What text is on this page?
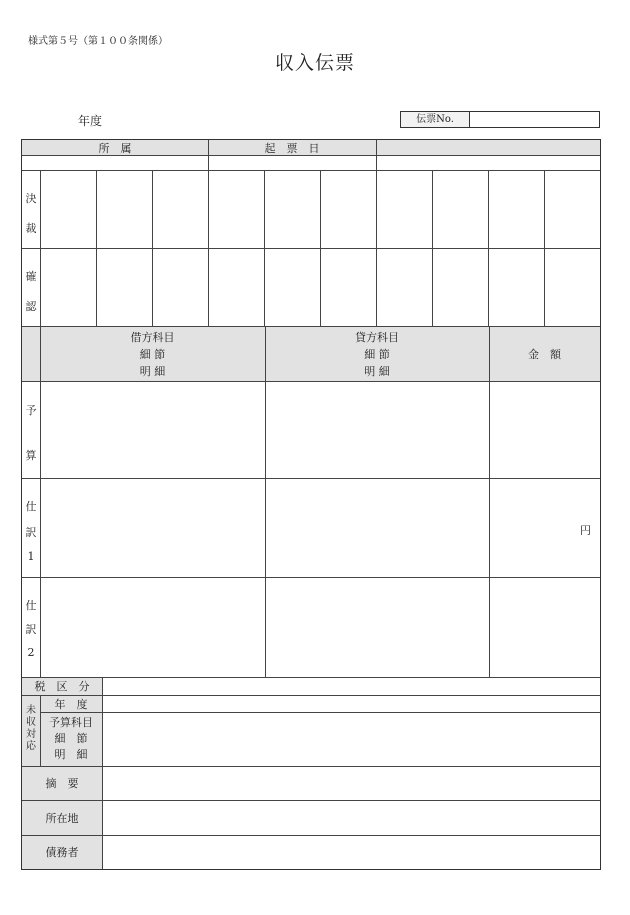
様式第５号（第１００条関係）
収入伝票
年度	伝票No.
所　属	起　票　日
決
裁
確
認
借方科目
細 節
明 細
貸方科目
細 節
明 細
金　額
予
算
仕
訳
1
円
仕
訳
2
税　区　分
未
収
対
応
年　度
予算科目
細　節
明　細
摘　要
所在地
債務者
